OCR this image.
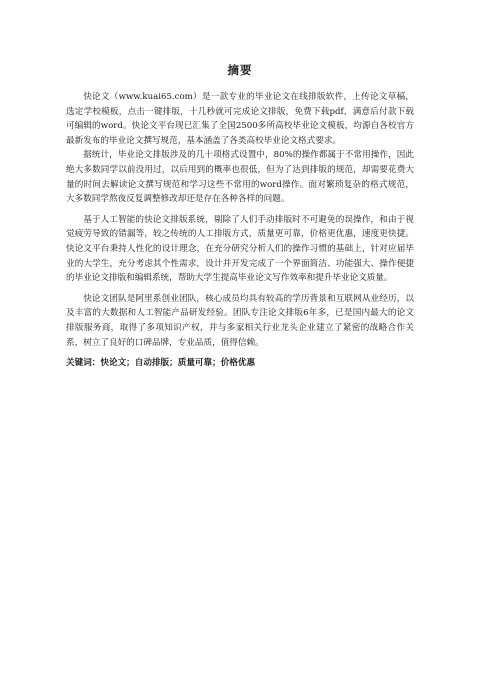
摘要

快论文（www.kuai65.com）是一款专业的毕业论文在线排版软件，上传论文草稿，选定学校模板，点击一键排版，十几秒就可完成论文排版，免费下载pdf，满意后付款下载可编辑的word。快论文平台现已汇集了全国2500多所高校毕业论文模板，均源自各校官方最新发布的毕业论文撰写规范，基本涵盖了各类高校毕业论文格式要求。

据统计，毕业论文排版涉及的几十项格式设置中，80%的操作都属于不常用操作，因此绝大多数同学以前没用过，以后用到的概率也很低，但为了达到排版的规范，却需要花费大量的时间去解读论文撰写规范和学习这些不常用的word操作。面对繁琐复杂的格式规范，大多数同学熬夜反复调整修改却还是存在各种各样的问题。

基于人工智能的快论文排版系统，剔除了人们手动排版时不可避免的误操作，和由于视觉疲劳导致的错漏等，较之传统的人工排版方式，质量更可靠，价格更优惠，速度更快捷。快论文平台秉持人性化的设计理念，在充分研究分析人们的操作习惯的基础上，针对应届毕业的大学生，充分考虑其个性需求，设计并开发完成了一个界面简洁、功能强大、操作便捷的毕业论文排版和编辑系统，帮助大学生提高毕业论文写作效率和提升毕业论文质量。

快论文团队是阿里系创业团队，核心成员均具有较高的学历背景和互联网从业经历，以及丰富的大数据和人工智能产品研发经验。团队专注论文排版6年多，已是国内最大的论文排版服务商，取得了多项知识产权，并与多家相关行业龙头企业建立了紧密的战略合作关系，树立了良好的口碑品牌，专业品质，值得信赖。

关键词：快论文；自动排版；质量可靠；价格优惠
